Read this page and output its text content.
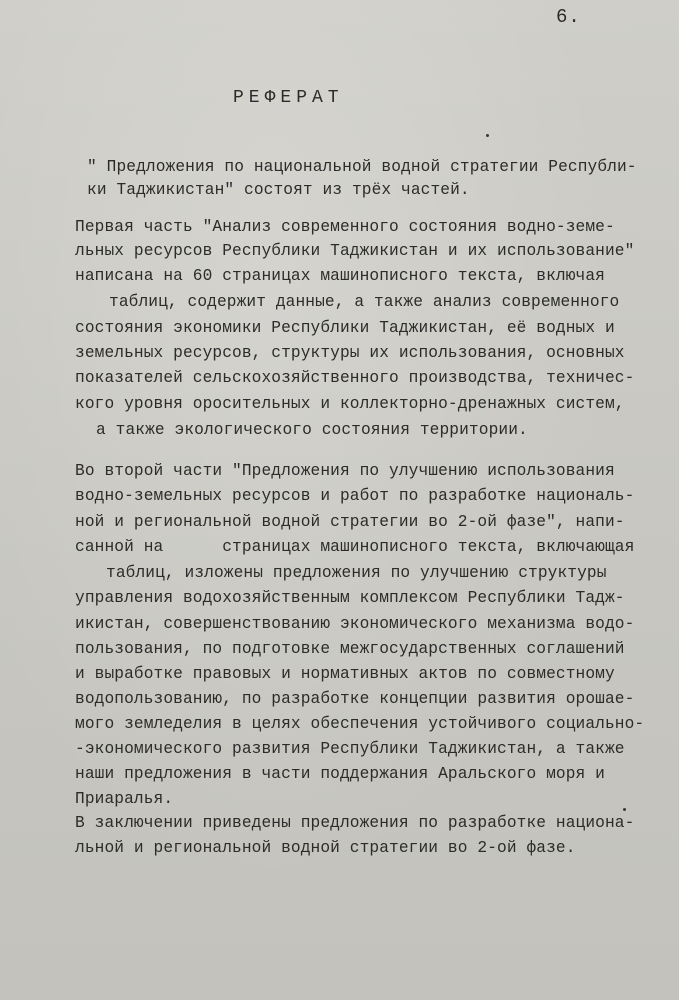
6.
РЕФЕРАТ
" Предложения по национальной водной стратегии Республи-
ки Таджикистан" состоят из трёх частей.
Первая часть "Анализ современного состояния водно-земе-
льных ресурсов Республики Таджикистан и их использование"
написана на 60 страницах машинописного текста, включая
таблиц, содержит данные, а также анализ современного
состояния экономики Республики Таджикистан, её водных и
земельных ресурсов, структуры их использования, основных
показателей сельскохозяйственного производства, техничес-
кого уровня оросительных и коллекторно-дренажных систем,
а также экологического состояния территории.
Во второй части "Предложения по улучшению использования
водно-земельных ресурсов и работ по разработке националь-
ной и региональной водной стратегии во 2-ой фазе", напи-
санной на      страницах машинописного текста, включающая
таблиц, изложены предложения по улучшению структуры
управления водохозяйственным комплексом Республики Тадж-
икистан, совершенствованию экономического механизма водо-
пользования, по подготовке межгосударственных соглашений
и выработке правовых и нормативных актов по совместному
водопользованию, по разработке концепции развития орошае-
мого земледелия в целях обеспечения устойчивого социально-
-экономического развития Республики Таджикистан, а также
наши предложения в части поддержания Аральского моря и
Приаралья.
В заключении приведены предложения по разработке национа-
льной и региональной водной стратегии во 2-ой фазе.
